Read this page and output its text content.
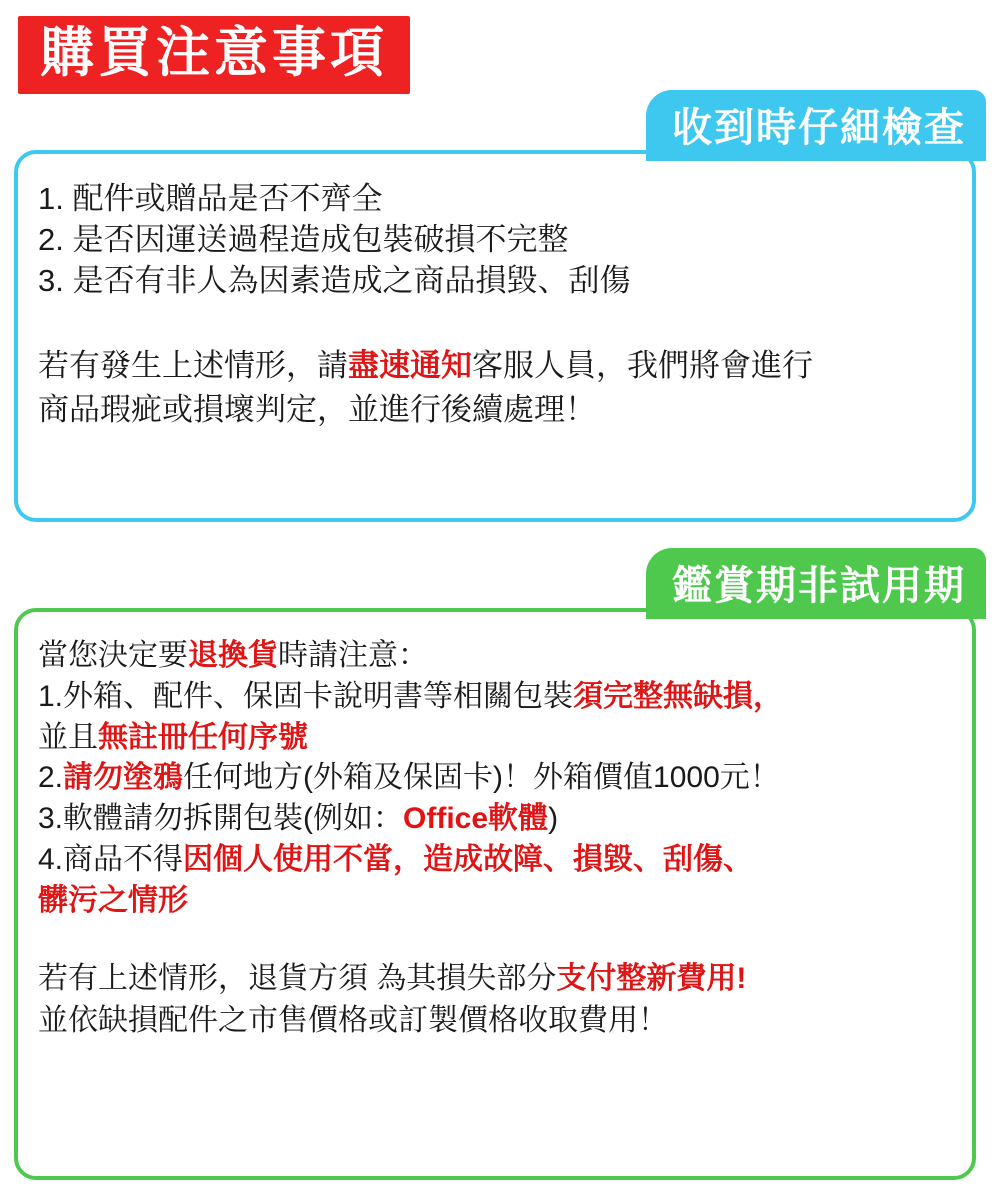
購買注意事項
收到時仔細檢查
1. 配件或贈品是否不齊全
2. 是否因運送過程造成包裝破損不完整
3. 是否有非人為因素造成之商品損毀、刮傷
若有發生上述情形，請盡速通知客服人員，我們將會進行
商品瑕疵或損壞判定，並進行後續處理！
鑑賞期非試用期
當您決定要退換貨時請注意：
1.外箱、配件、保固卡說明書等相關包裝須完整無缺損，
並且無註冊任何序號
2.請勿塗鴉任何地方(外箱及保固卡)！外箱價值1000元！
3.軟體請勿拆開包裝(例如：Office軟體)
4.商品不得因個人使用不當，造成故障、損毀、刮傷、
髒污之情形
若有上述情形，退貨方須 為其損失部分支付整新費用!
並依缺損配件之市售價格或訂製價格收取費用！
